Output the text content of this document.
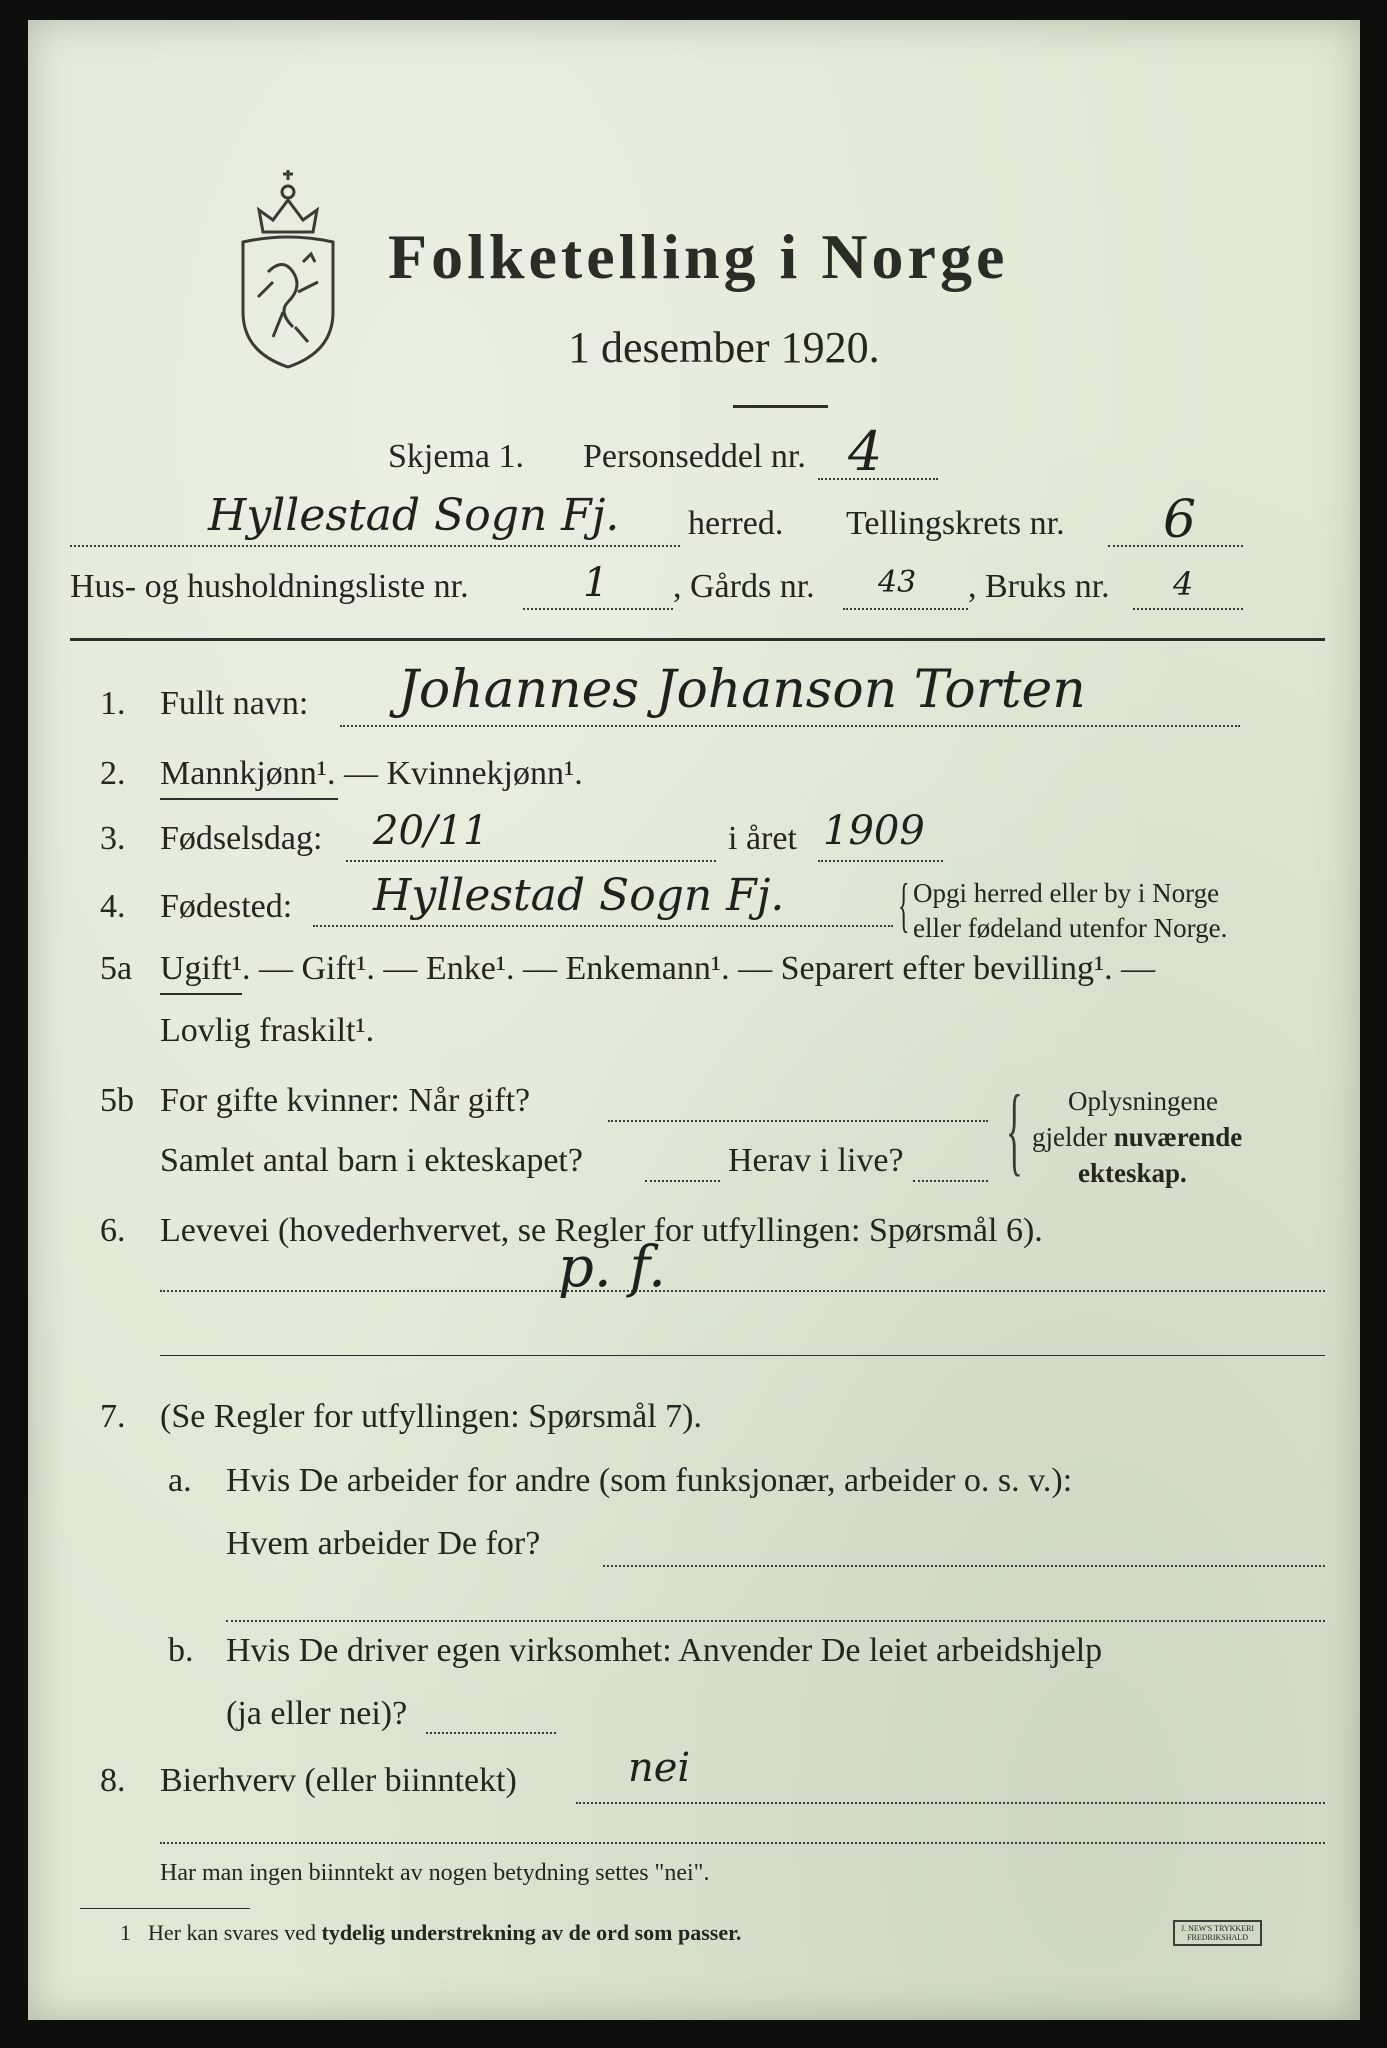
Folketelling i Norge
1 desember 1920.
Skjema 1. Personseddel nr. 4
Hyllestad Sogn Fj. herred. Tellingskrets nr. 6
Hus- og husholdningsliste nr.	1 , Gårds nr. 43 , Bruks nr. 4
1. Fullt navn: Johannes Johanson Torten
2. Mannkjønn¹. — Kvinnekjønn¹.
3. Fødselsdag: 20/11	i året 1909
4. Fødested: Hyllestad Sogn Fj. { Opgi herred eller by i Norge
eller fødeland utenfor Norge.
5a Ugift¹. — Gift¹. — Enke¹. — Enkemann¹. — Separert efter bevilling¹. —
Lovlig fraskilt¹.
5b For gifte kvinner: Når gift?
Samlet antal barn i ekteskapet?	Herav i live? { Oplysningene
gjelder nuværende
ekteskap.
6. Levevei (hovederhvervet, se Regler for utfyllingen: Spørsmål 6).
p. f.
7. (Se Regler for utfyllingen: Spørsmål 7).
a. Hvis De arbeider for andre (som funksjonær, arbeider o. s. v.):
Hvem arbeider De for?
b. Hvis De driver egen virksomhet: Anvender De leiet arbeidshjelp
(ja eller nei)?
8. Bierhverv (eller biinntekt)	nei
Har man ingen biinntekt av nogen betydning settes "nei".
1 Her kan svares ved tydelig understrekning av de ord som passer.	J. NEW'S TRYKKERI
FREDRIKSHALD
